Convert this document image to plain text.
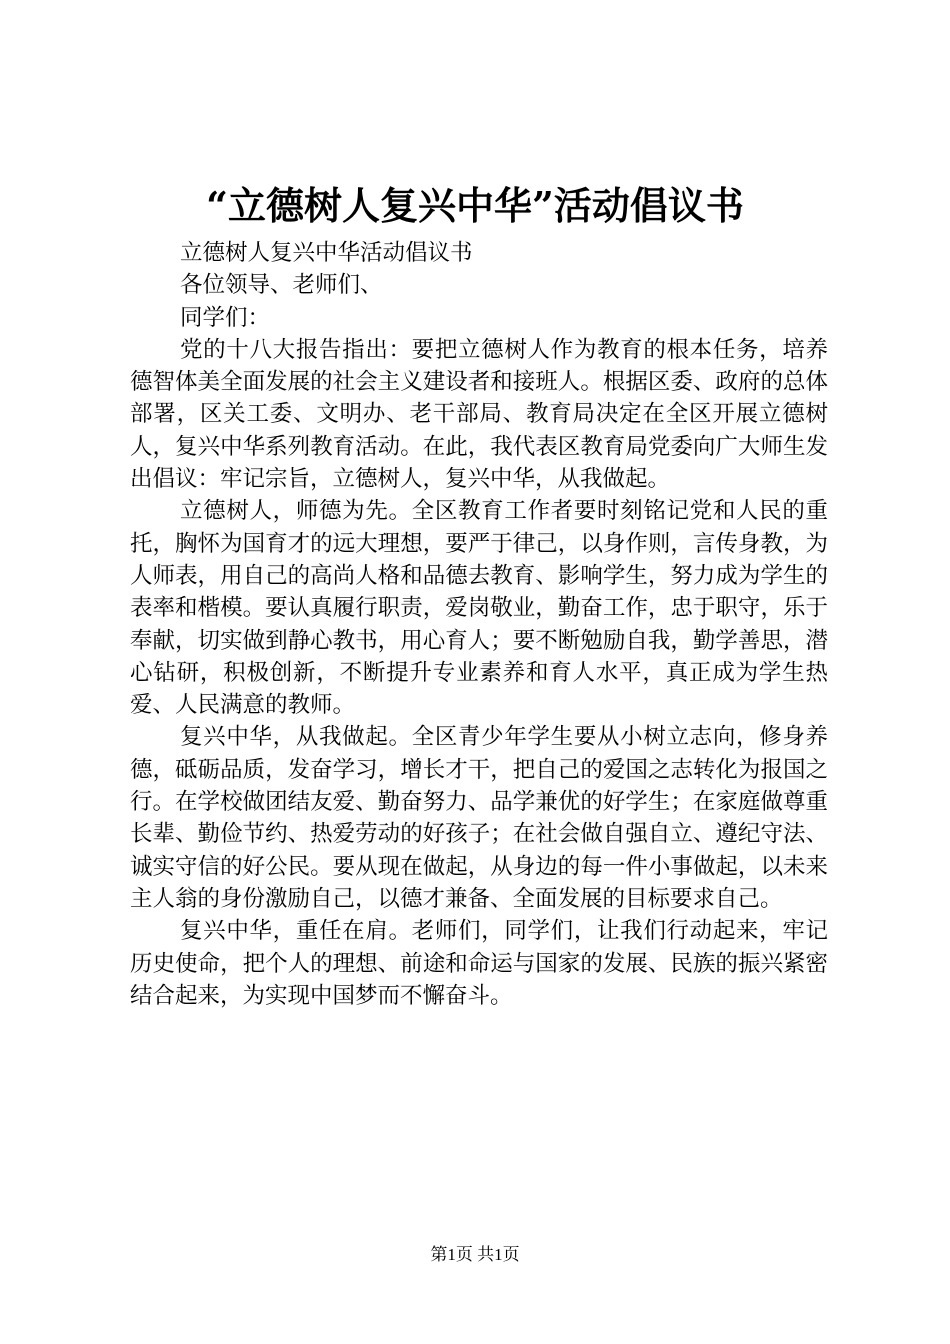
“立德树人复兴中华”活动倡议书

立德树人复兴中华活动倡议书

各位领导、老师们、

同学们：

党的十八大报告指出：要把立德树人作为教育的根本任务，培养德智体美全面发展的社会主义建设者和接班人。根据区委、政府的总体部署，区关工委、文明办、老干部局、教育局决定在全区开展立德树人，复兴中华系列教育活动。在此，我代表区教育局党委向广大师生发出倡议：牢记宗旨，立德树人，复兴中华，从我做起。

立德树人，师德为先。全区教育工作者要时刻铭记党和人民的重托，胸怀为国育才的远大理想，要严于律己，以身作则，言传身教，为人师表，用自己的高尚人格和品德去教育、影响学生，努力成为学生的表率和楷模。要认真履行职责，爱岗敬业，勤奋工作，忠于职守，乐于奉献，切实做到静心教书，用心育人；要不断勉励自我，勤学善思，潜心钻研，积极创新，不断提升专业素养和育人水平，真正成为学生热爱、人民满意的教师。

复兴中华，从我做起。全区青少年学生要从小树立志向，修身养德，砥砺品质，发奋学习，增长才干，把自己的爱国之志转化为报国之行。在学校做团结友爱、勤奋努力、品学兼优的好学生；在家庭做尊重长辈、勤俭节约、热爱劳动的好孩子；在社会做自强自立、遵纪守法、诚实守信的好公民。要从现在做起，从身边的每一件小事做起，以未来主人翁的身份激励自己，以德才兼备、全面发展的目标要求自己。

复兴中华，重任在肩。老师们，同学们，让我们行动起来，牢记历史使命，把个人的理想、前途和命运与国家的发展、民族的振兴紧密结合起来，为实现中国梦而不懈奋斗。

第1页 共1页
